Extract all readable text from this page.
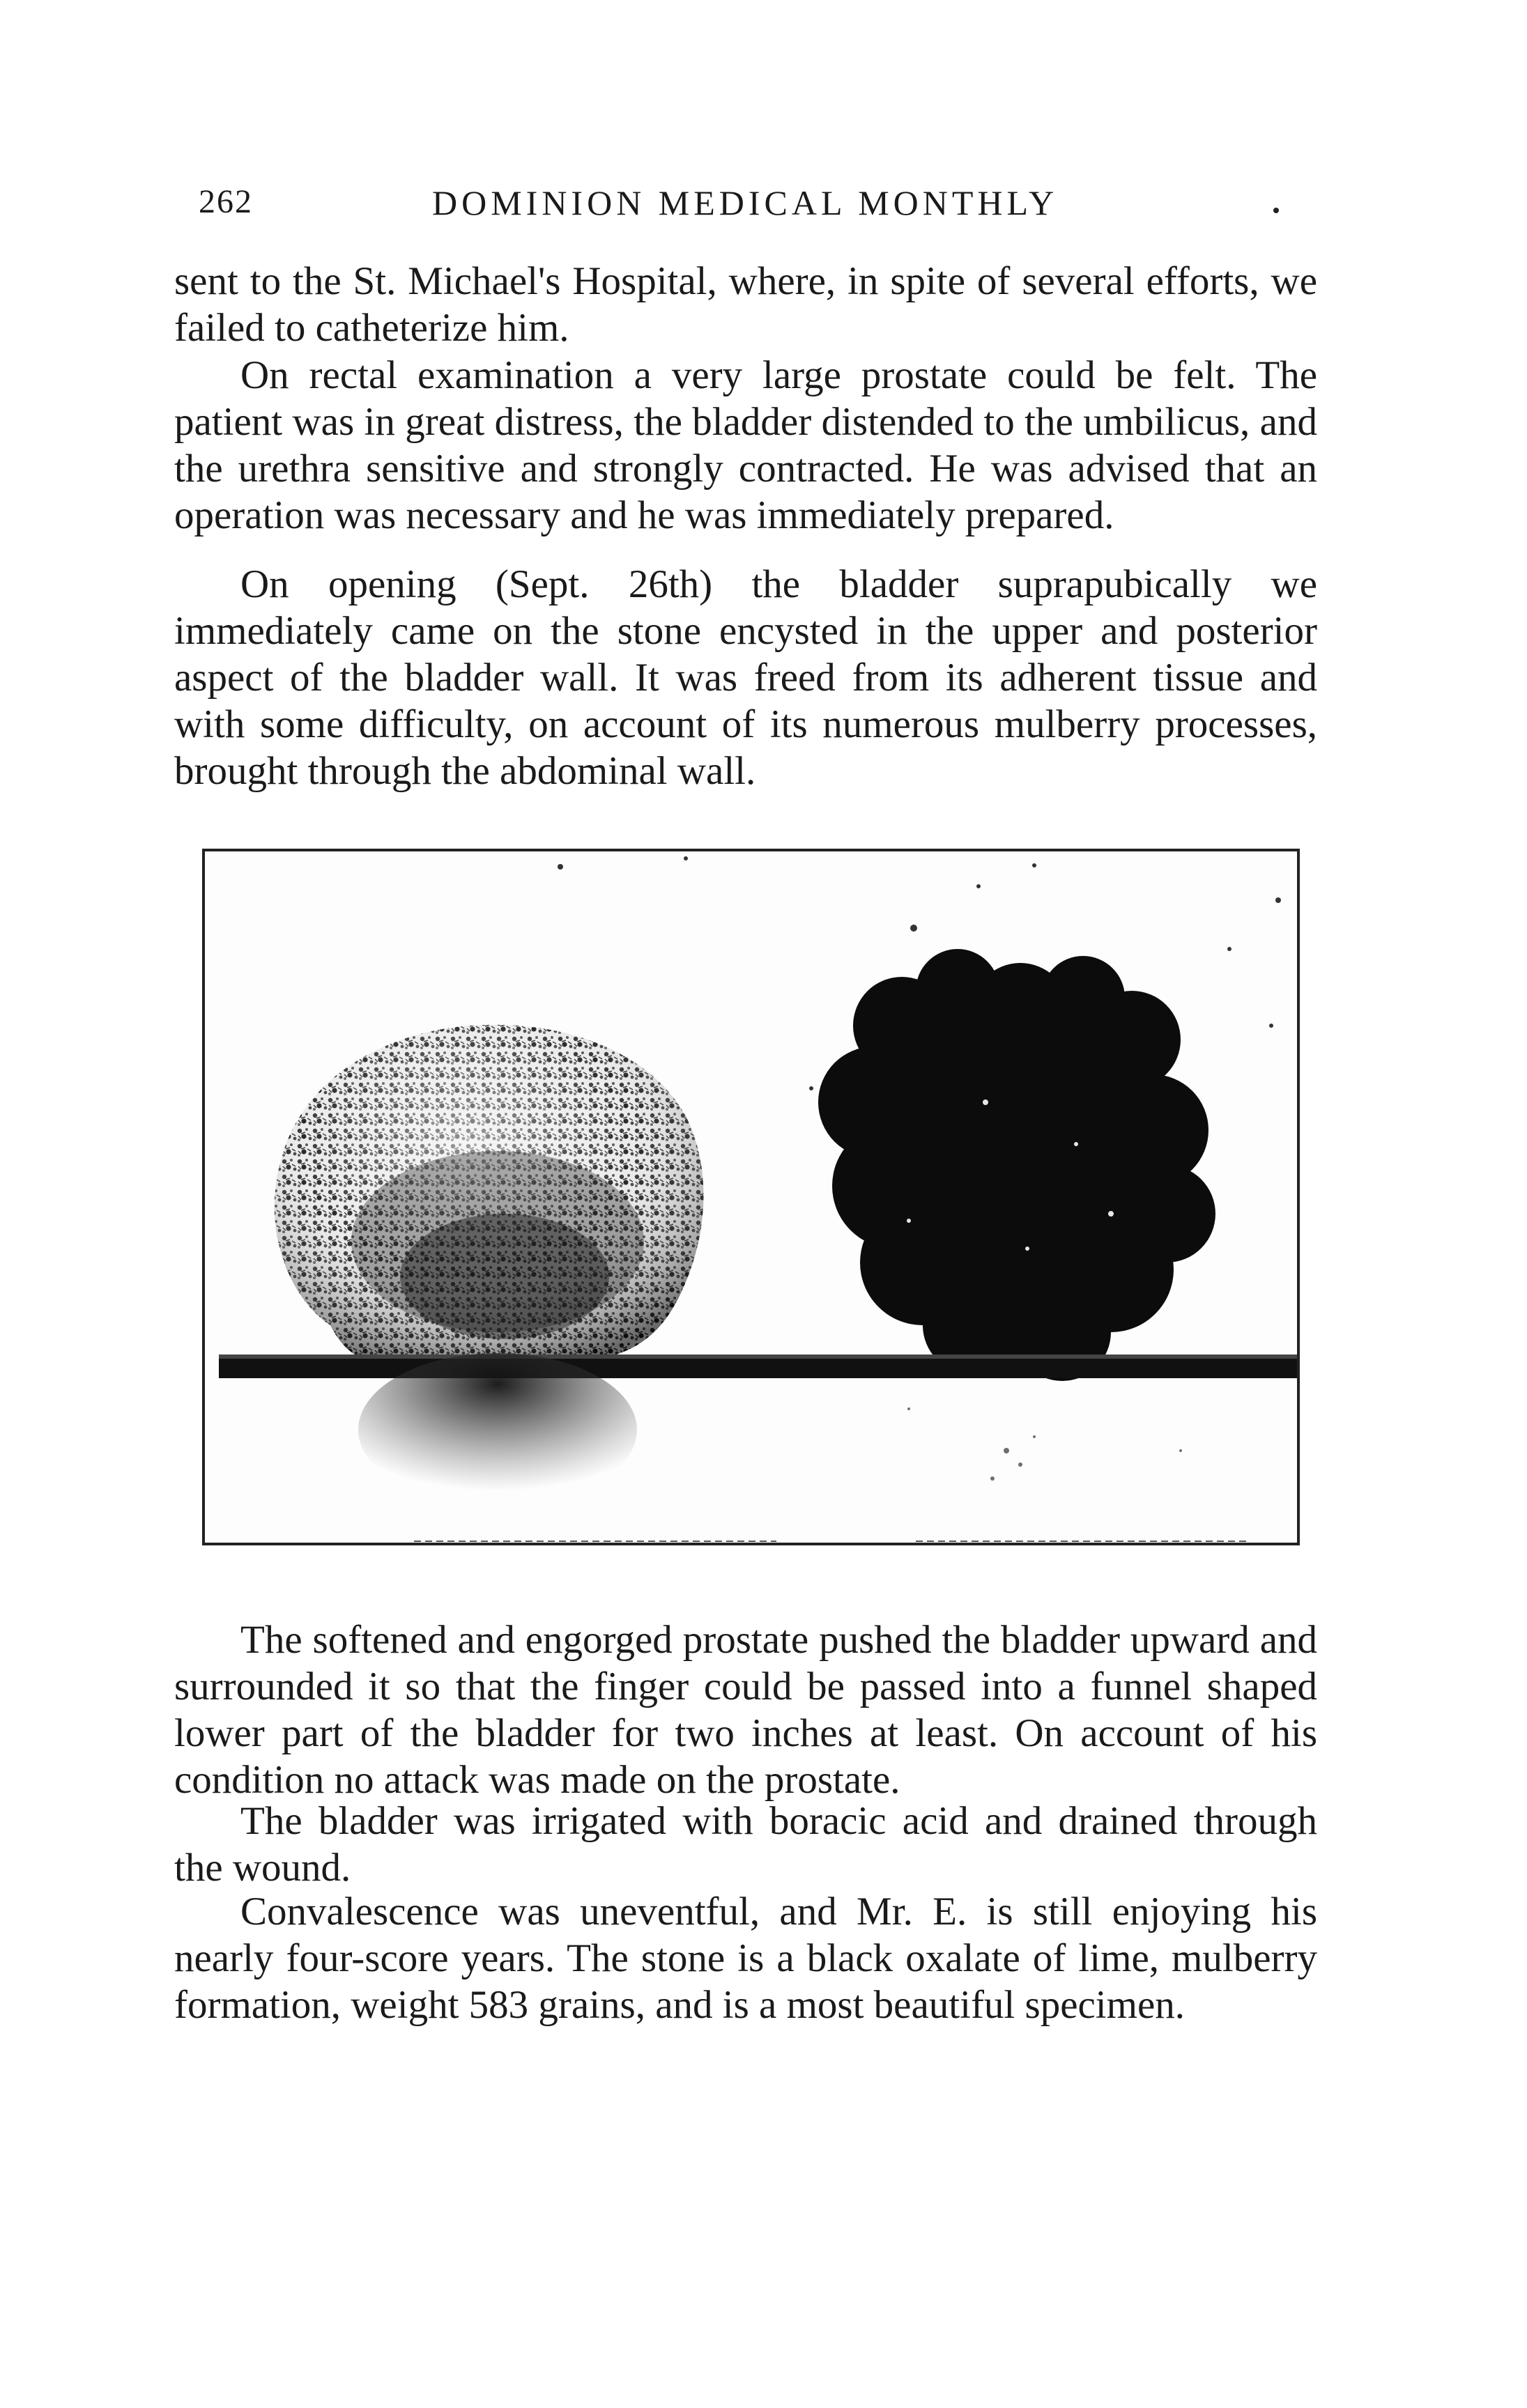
262	DOMINION MEDICAL MONTHLY

sent to the St. Michael's Hospital, where, in spite of several efforts, we failed to catheterize him.

On rectal examination a very large prostate could be felt. The patient was in great distress, the bladder distended to the umbilicus, and the urethra sensitive and strongly contracted. He was advised that an operation was necessary and he was immediately prepared.

On opening (Sept. 26th) the bladder suprapubically we immediately came on the stone encysted in the upper and posterior aspect of the bladder wall. It was freed from its adherent tissue and with some difficulty, on account of its numerous mulberry processes, brought through the abdominal wall.

The softened and engorged prostate pushed the bladder upward and surrounded it so that the finger could be passed into a funnel shaped lower part of the bladder for two inches at least. On account of his condition no attack was made on the prostate.

The bladder was irrigated with boracic acid and drained through the wound.

Convalescence was uneventful, and Mr. E. is still enjoying his nearly four-score years. The stone is a black oxalate of lime, mulberry formation, weight 583 grains, and is a most beautiful specimen.
